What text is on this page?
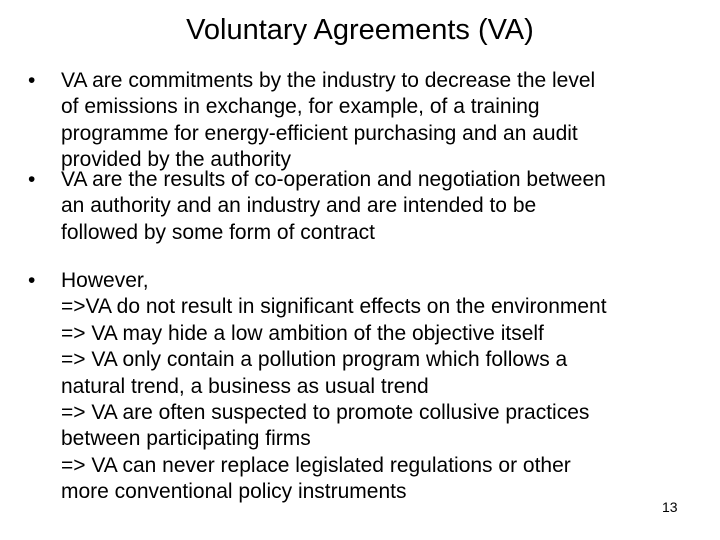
Voluntary Agreements (VA)
•	VA are commitments by the industry to decrease the level
of emissions in exchange, for example, of a training
programme for energy-efficient purchasing and an audit
provided by the authority
•	VA are the results of co-operation and negotiation between
an authority and an industry and are intended to be
followed by some form of contract
•	However,
=>VA do not result in significant effects on the environment
=> VA may hide a low ambition of the objective itself
=> VA only contain a pollution program which follows a
natural trend, a business as usual trend
=> VA are often suspected to promote collusive practices
between participating firms
=> VA can never replace legislated regulations or other
more conventional policy instruments
13
